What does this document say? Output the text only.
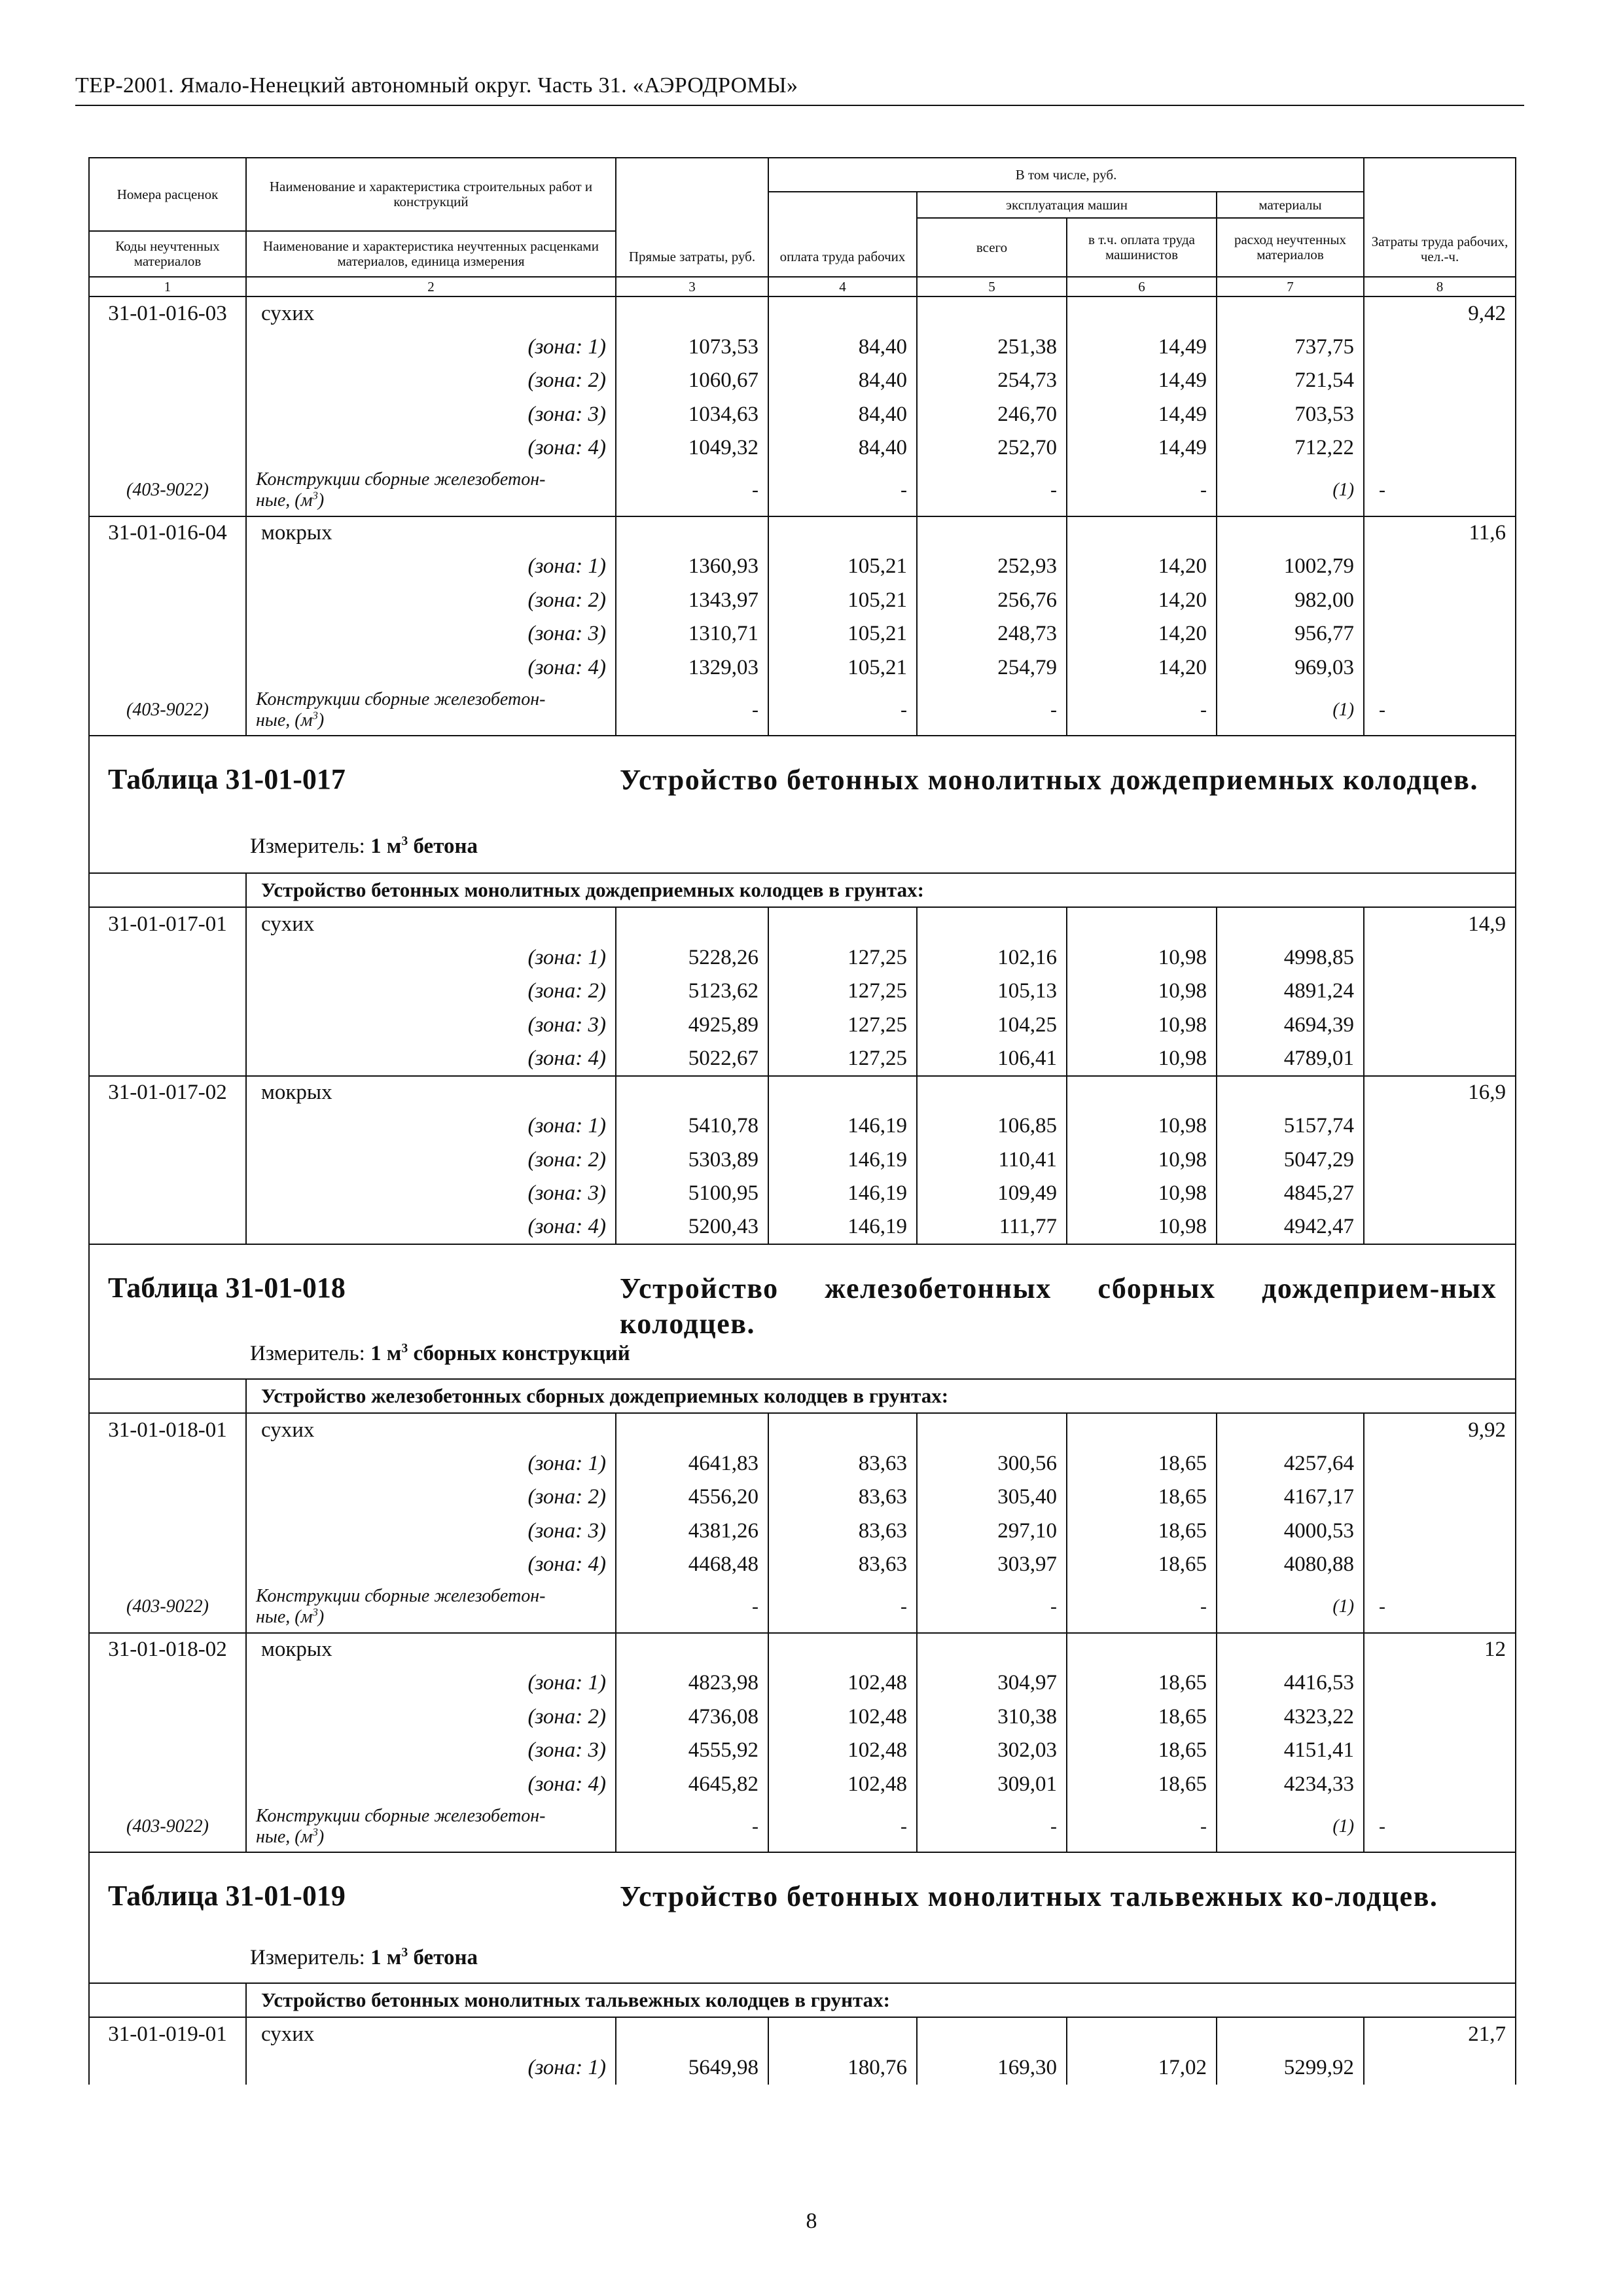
ТЕР-2001. Ямало-Ненецкий автономный округ. Часть 31. «АЭРОДРОМЫ»
Номера расценок	Наименование и характеристика строительных работ и конструкций	Прямые затраты, руб.	В том числе, руб.				Затраты труда рабочих, чел.-ч.
			оплата труда рабочих	эксплуатация машин		материалы	
				всего	в т.ч. оплата труда машинистов	расход неучтенных материалов	
Коды неучтенных материалов	Наименование и характеристика неучтенных расценками материалов, единица измерения						

1	2	3	4	5	6	7	8
31-01-016-03	сухих						9,42
	(зона: 1)	1073,53	84,40	251,38	14,49	737,75	
	(зона: 2)	1060,67	84,40	254,73	14,49	721,54	
	(зона: 3)	1034,63	84,40	246,70	14,49	703,53	
	(зона: 4)	1049,32	84,40	252,70	14,49	712,22	
(403-9022)	Конструкции сборные железобетон-
ные, $(м^3)$	-	-	-	-	(1)	-
31-01-016-04	мокрых						11,6
	(зона: 1)	1360,93	105,21	252,93	14,20	1002,79	
	(зона: 2)	1343,97	105,21	256,76	14,20	982,00	
	(зона: 3)	1310,71	105,21	248,73	14,20	956,77	
	(зона: 4)	1329,03	105,21	254,79	14,20	969,03	
(403-9022)	Конструкции сборные железобетон-
ные, $(м^3)$	-	-	-	-	(1)	-

Таблица 31-01-017 Устройство бетонных монолитных дождеприемных колодцев.
Измеритель: 1 $м^3$ бетона							

	Устройство бетонных монолитных дождеприемных колодцев в грунтах:						
31-01-017-01	сухих						14,9
	(зона: 1)	5228,26	127,25	102,16	10,98	4998,85	
	(зона: 2)	5123,62	127,25	105,13	10,98	4891,24	
	(зона: 3)	4925,89	127,25	104,25	10,98	4694,39	
	(зона: 4)	5022,67	127,25	106,41	10,98	4789,01	
31-01-017-02	мокрых						16,9
	(зона: 1)	5410,78	146,19	106,85	10,98	5157,74	
	(зона: 2)	5303,89	146,19	110,41	10,98	5047,29	
	(зона: 3)	5100,95	146,19	109,49	10,98	4845,27	
	(зона: 4)	5200,43	146,19	111,77	10,98	4942,47	

Таблица 31-01-018 Устройство железобетонных сборных дождеприем-ных колодцев.
Измеритель: 1 $м^3$ сборных конструкций							

	Устройство железобетонных сборных дождеприемных колодцев в грунтах:						
31-01-018-01	сухих						9,92
	(зона: 1)	4641,83	83,63	300,56	18,65	4257,64	
	(зона: 2)	4556,20	83,63	305,40	18,65	4167,17	
	(зона: 3)	4381,26	83,63	297,10	18,65	4000,53	
	(зона: 4)	4468,48	83,63	303,97	18,65	4080,88	
(403-9022)	Конструкции сборные железобетон-
ные, $(м^3)$	-	-	-	-	(1)	-
31-01-018-02	мокрых						12
	(зона: 1)	4823,98	102,48	304,97	18,65	4416,53	
	(зона: 2)	4736,08	102,48	310,38	18,65	4323,22	
	(зона: 3)	4555,92	102,48	302,03	18,65	4151,41	
	(зона: 4)	4645,82	102,48	309,01	18,65	4234,33	
(403-9022)	Конструкции сборные железобетон-
ные, $(м^3)$	-	-	-	-	(1)	-

Таблица 31-01-019 Устройство бетонных монолитных тальвежных ко-лодцев.
Измеритель: 1 $м^3$ бетона							

	Устройство бетонных монолитных тальвежных колодцев в грунтах:						
31-01-019-01	сухих						21,7
	(зона: 1)	5649,98	180,76	169,30	17,02	5299,92	
8
